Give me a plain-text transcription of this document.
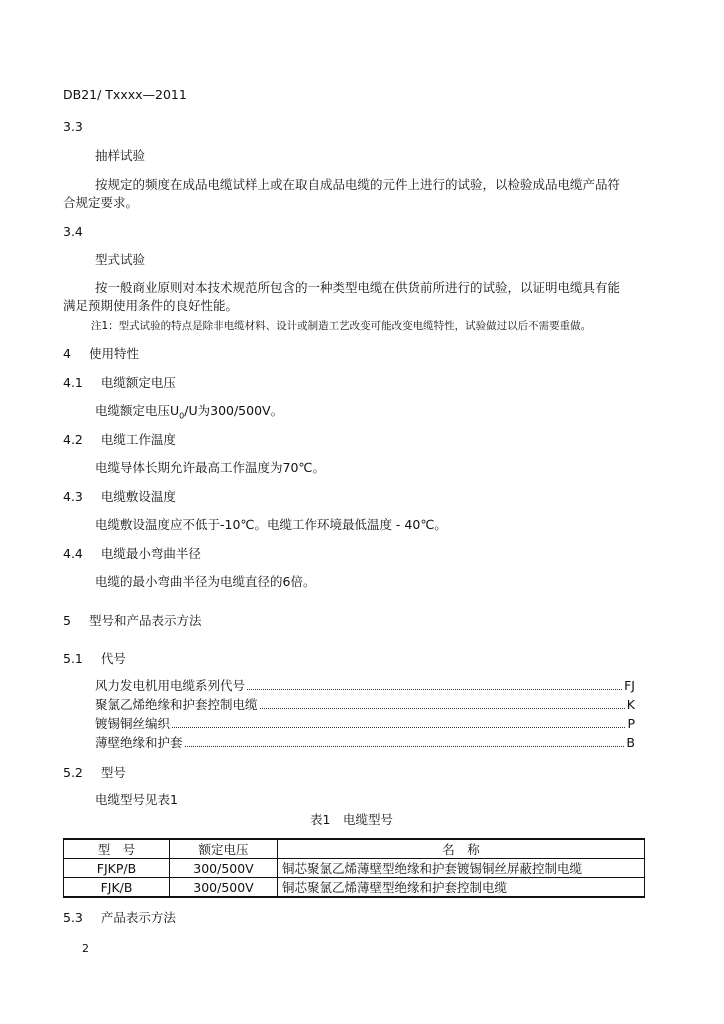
DB21/ Txxxx—2011
3.3
抽样试验
按规定的频度在成品电缆试样上或在取自成品电缆的元件上进行的试验，以检验成品电缆产品符
合规定要求。
3.4
型式试验
按一般商业原则对本技术规范所包含的一种类型电缆在供货前所进行的试验，以证明电缆具有能
满足预期使用条件的良好性能。
注1：型式试验的特点是除非电缆材料、设计或制造工艺改变可能改变电缆特性，试验做过以后不需要重做。
4 使用特性
4.1 电缆额定电压
电缆额定电压$U_0/U$为300/500V。
4.2 电缆工作温度
电缆导体长期允许最高工作温度为70℃。
4.3 电缆敷设温度
电缆敷设温度应不低于-10℃。电缆工作环境最低温度 - 40℃。
4.4 电缆最小弯曲半径
电缆的最小弯曲半径为电缆直径的6倍。
5 型号和产品表示方法
5.1 代号
风力发电机用电缆系列代号	FJ
聚氯乙烯绝缘和护套控制电缆	K
镀锡铜丝编织	P
薄壁绝缘和护套	B
5.2 型号
电缆型号见表1
表1　电缆型号
型　号	额定电压	名　称
FJKP/B	300/500V	铜芯聚氯乙烯薄壁型绝缘和护套镀锡铜丝屏蔽控制电缆
FJK/B	300/500V	铜芯聚氯乙烯薄壁型绝缘和护套控制电缆
5.3 产品表示方法
2
